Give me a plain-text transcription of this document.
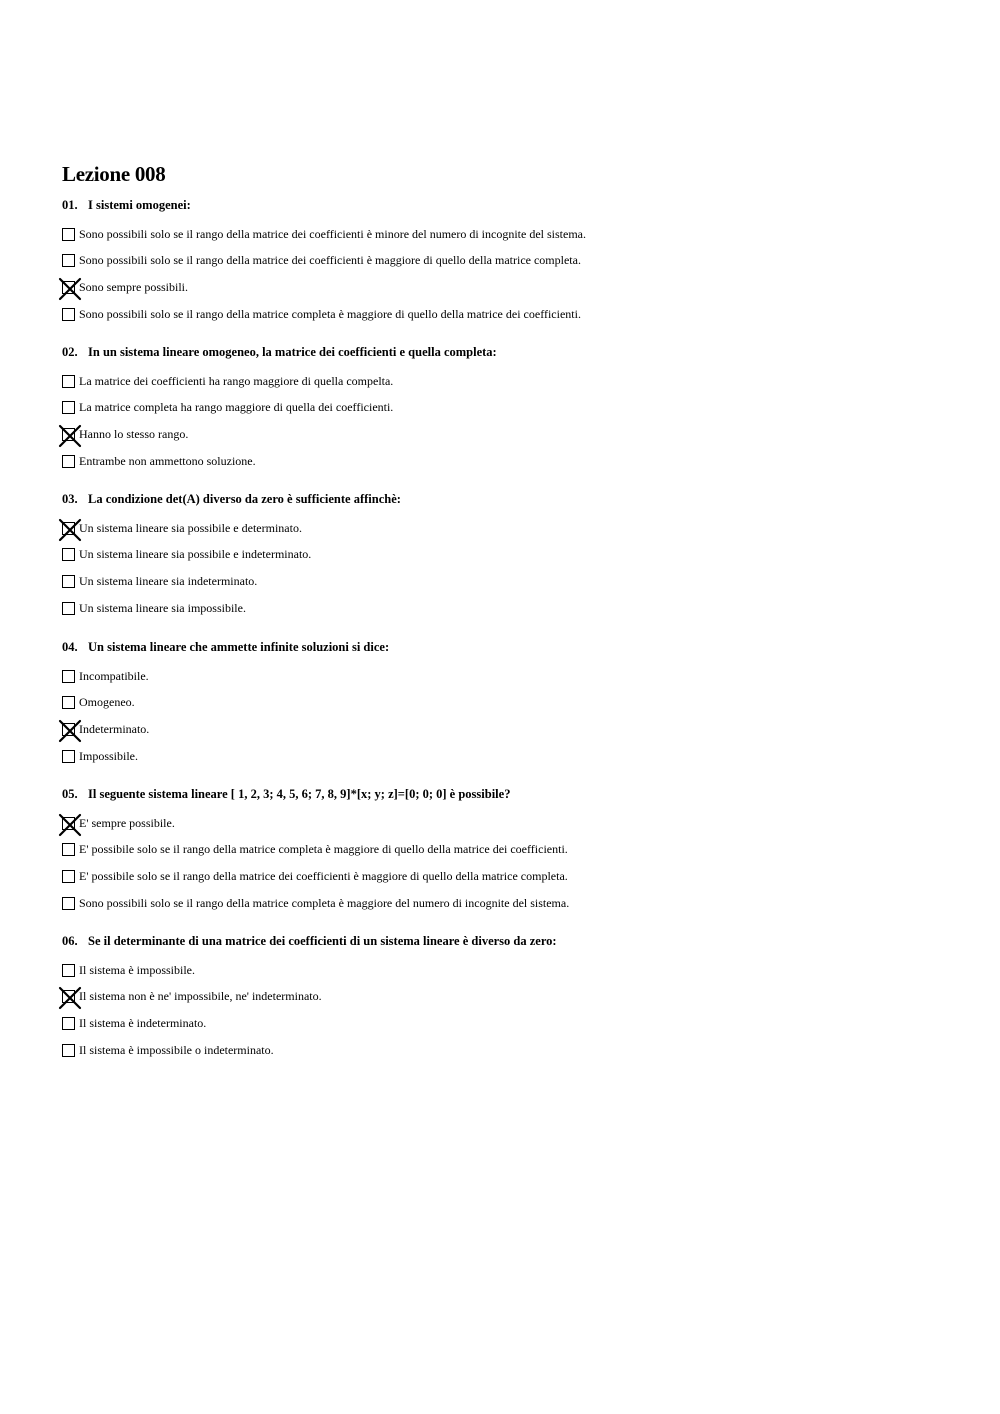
Lezione 008
01. I sistemi omogenei:
Sono possibili solo se il rango della matrice dei coefficienti è minore del numero di incognite del sistema.
Sono possibili solo se il rango della matrice dei coefficienti è maggiore di quello della matrice completa.
Sono sempre possibili.
Sono possibili solo se il rango della matrice completa è maggiore di quello della matrice dei coefficienti.
02. In un sistema lineare omogeneo, la matrice dei coefficienti e quella completa:
La matrice dei coefficienti ha rango maggiore di quella compelta.
La matrice completa ha rango maggiore di quella dei coefficienti.
Hanno lo stesso rango.
Entrambe non ammettono soluzione.
03. La condizione det(A) diverso da zero è sufficiente affinchè:
Un sistema lineare sia possibile e determinato.
Un sistema lineare sia possibile e indeterminato.
Un sistema lineare sia indeterminato.
Un sistema lineare sia impossibile.
04. Un sistema lineare che ammette infinite soluzioni si dice:
Incompatibile.
Omogeneo.
Indeterminato.
Impossibile.
05. Il seguente sistema lineare [ 1, 2, 3; 4, 5, 6; 7, 8, 9]*[x; y; z]=[0; 0; 0] è possibile?
E' sempre possibile.
E' possibile solo se il rango della matrice completa è maggiore di quello della matrice dei coefficienti.
E' possibile solo se il rango della matrice dei coefficienti è maggiore di quello della matrice completa.
Sono possibili solo se il rango della matrice completa è maggiore del numero di incognite del sistema.
06. Se il determinante di una matrice dei coefficienti di un sistema lineare è diverso da zero:
Il sistema è impossibile.
Il sistema non è ne' impossibile, ne' indeterminato.
Il sistema è indeterminato.
Il sistema è impossibile o indeterminato.
